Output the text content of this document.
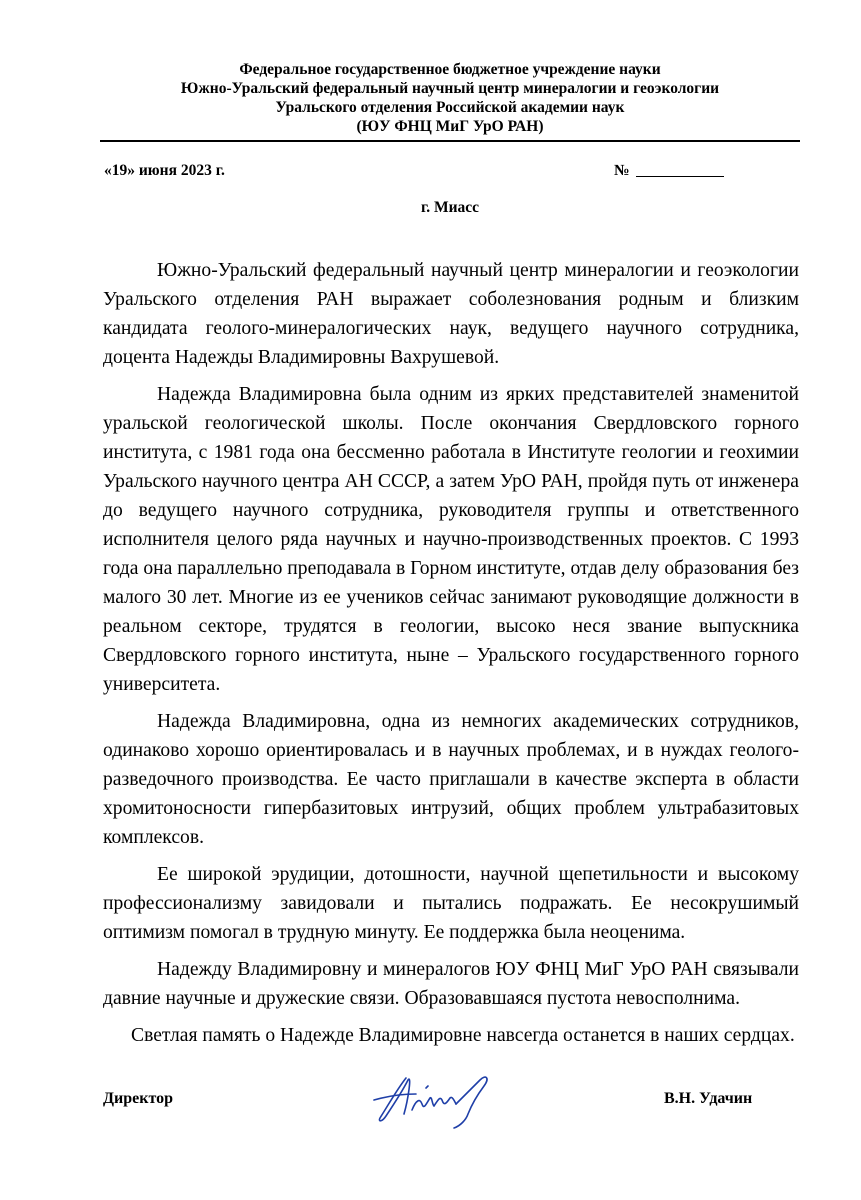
Федеральное государственное бюджетное учреждение науки
Южно-Уральский федеральный научный центр минералогии и геоэкологии
Уральского отделения Российской академии наук
(ЮУ ФНЦ МиГ УрО РАН)
«19» июня 2023 г.	№
г. Миасс

Южно-Уральский федеральный научный центр минералогии и геоэкологии Уральского отделения РАН выражает соболезнования родным и близким кандидата геолого-минералогических наук, ведущего научного сотрудника, доцента Надежды Владимировны Вахрушевой.

Надежда Владимировна была одним из ярких представителей знаменитой уральской геологической школы. После окончания Свердловского горного института, с 1981 года она бессменно работала в Институте геологии и геохимии Уральского научного центра АН СССР, а затем УрО РАН, пройдя путь от инженера до ведущего научного сотрудника, руководителя группы и ответственного исполнителя целого ряда научных и научно-производственных проектов. С 1993 года она параллельно преподавала в Горном институте, отдав делу образования без малого 30 лет. Многие из ее учеников сейчас занимают руководящие должности в реальном секторе, трудятся в геологии, высоко неся звание выпускника Свердловского горного института, ныне – Уральского государственного горного университета.

Надежда Владимировна, одна из немногих академических сотрудников, одинаково хорошо ориентировалась и в научных проблемах, и в нуждах геолого-разведочного производства. Ее часто приглашали в качестве эксперта в области хромитоносности гипербазитовых интрузий, общих проблем ультрабазитовых комплексов.

Ее широкой эрудиции, дотошности, научной щепетильности и высокому профессионализму завидовали и пытались подражать. Ее несокрушимый оптимизм помогал в трудную минуту. Ее поддержка была неоценима.

Надежду Владимировну и минералогов ЮУ ФНЦ МиГ УрО РАН связывали давние научные и дружеские связи. Образовавшаяся пустота невосполнима.

Светлая память о Надежде Владимировне навсегда останется в наших сердцах.

Директор	В.Н. Удачин
